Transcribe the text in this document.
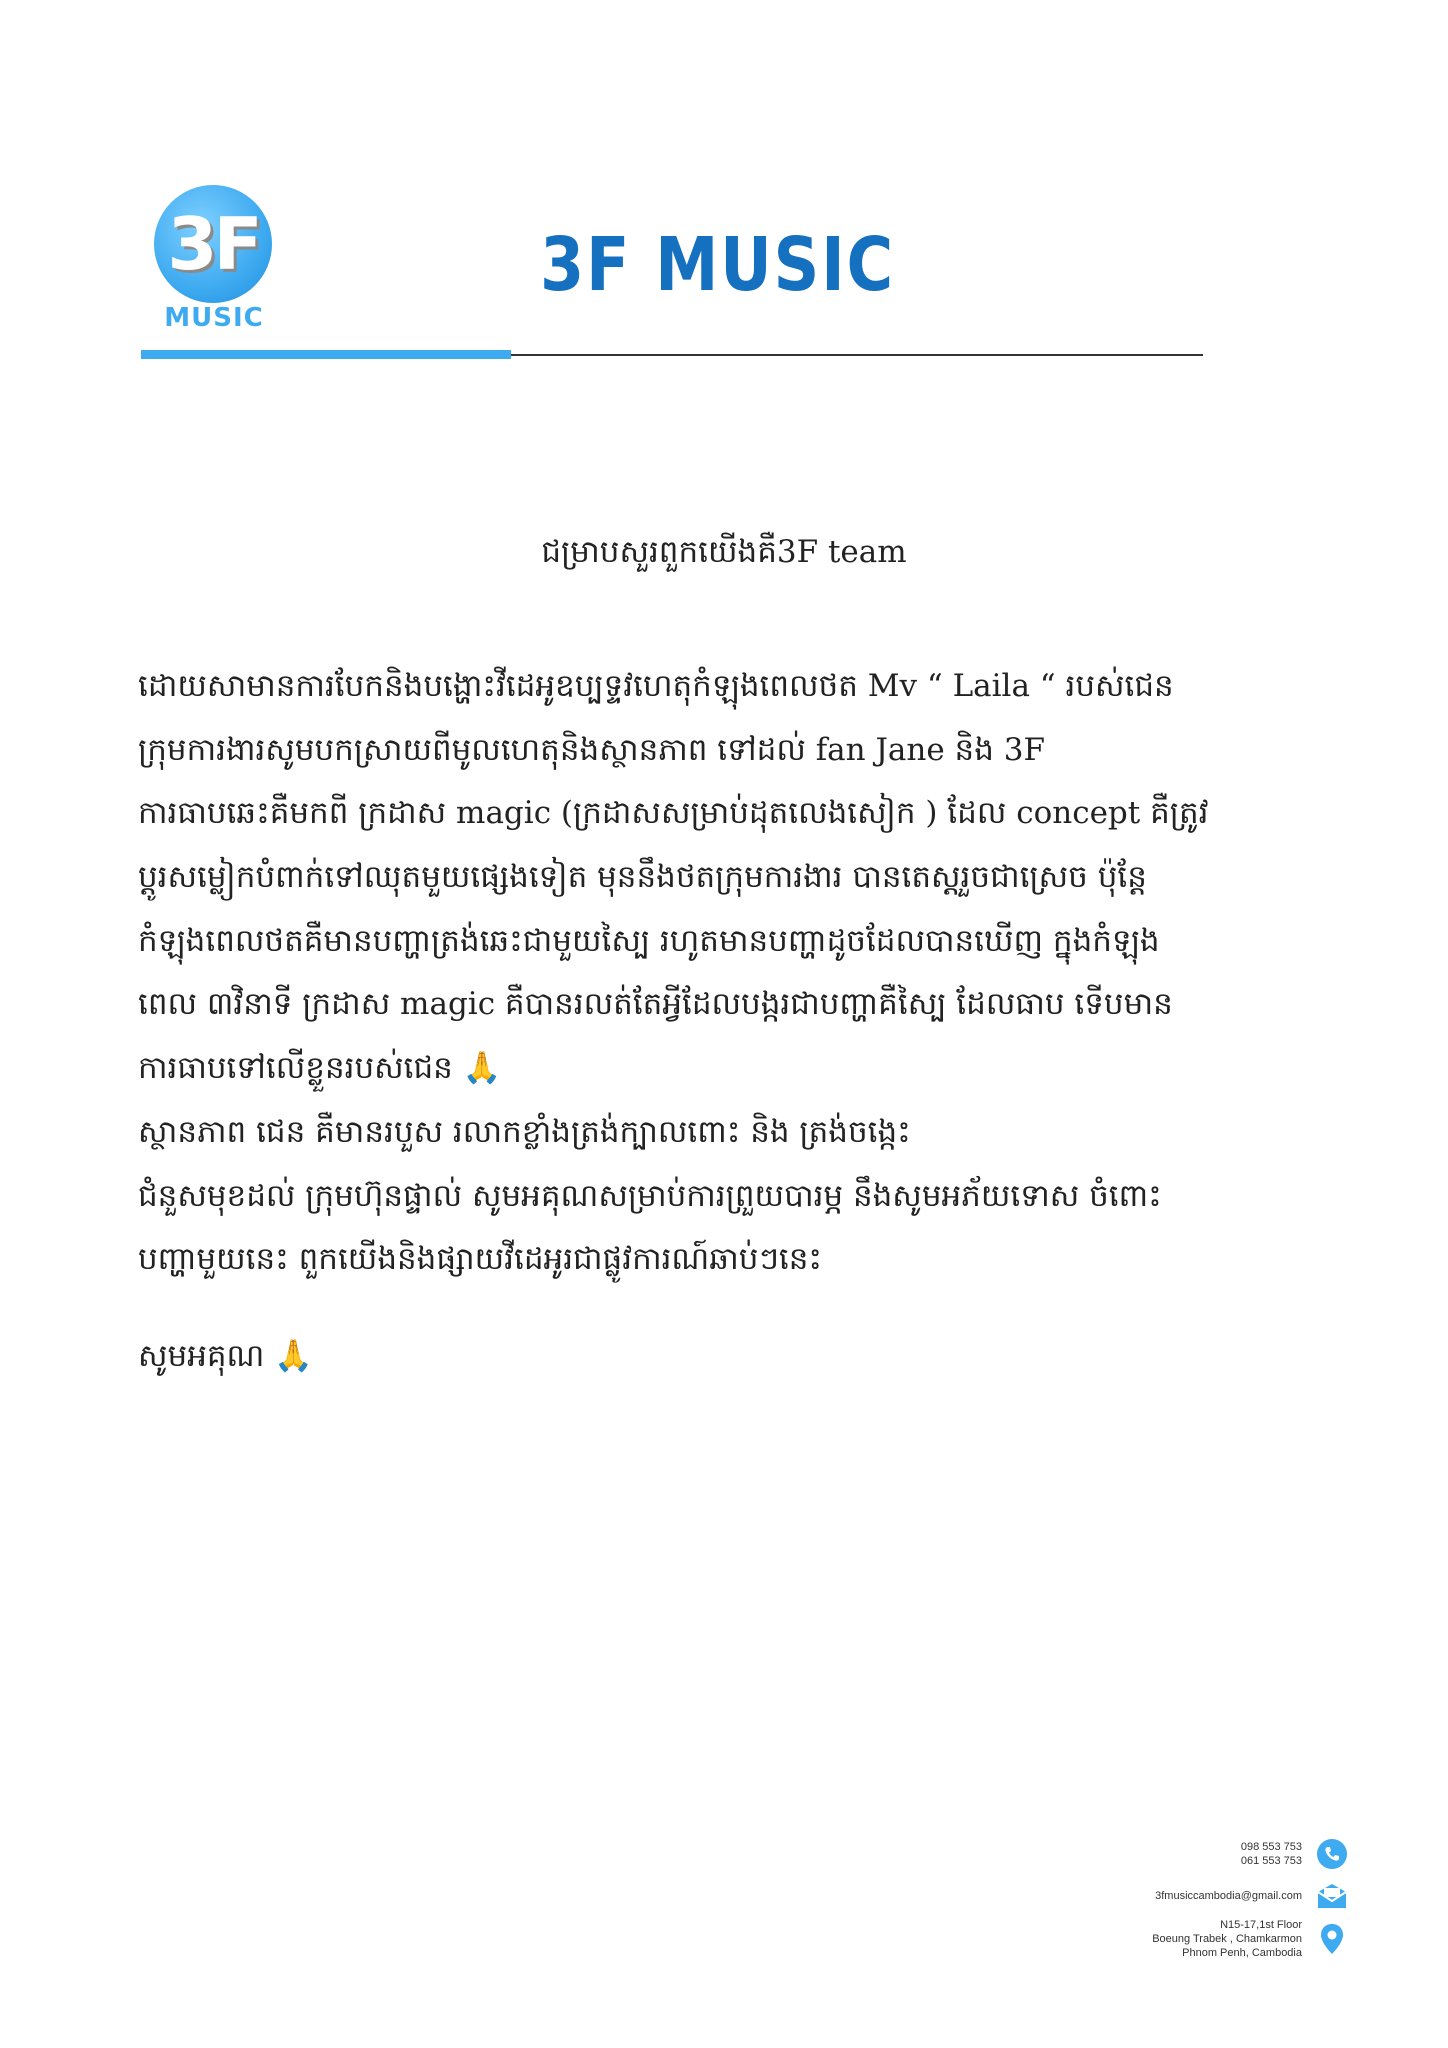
3F
MUSIC
3F MUSIC
ជម្រាបសួរពួកយើងគឺ3F team
ដោយសាមានការបែកនិងបង្ហោះវីដេអូឧប្បទ្ទវហេតុកំឡុងពេលថត Mv “ Laila “ របស់ជេន
ក្រុមការងារសូមបកស្រាយពីមូលហេតុនិងស្ថានភាព ទៅដល់ fan Jane និង 3F
ការធាបឆេះគឺមកពី ក្រដាស magic (ក្រដាសសម្រាប់ដុតលេងសៀក ) ដែល concept គឺត្រូវ
ប្តូរសម្លៀកបំពាក់ទៅឈុតមួយផ្សេងទៀត មុននឹងថតក្រុមការងារ បានតេស្តរួចជាស្រេច ប៉ុន្តែ
កំឡុងពេលថតគឺមានបញ្ហាត្រង់ឆេះជាមួយស្បៃ រហូតមានបញ្ហាដូចដែលបានឃើញ ក្នុងកំឡុង
ពេល ៣វិនាទី ក្រដាស magic គឺបានរលត់តែអ្វីដែលបង្ករជាបញ្ហាគឺស្បៃ ដែលធាប ទើបមាន
ការធាបទៅលើខ្លួនរបស់ជេន 🙏
ស្ថានភាព ជេន គឺមានរបួស រលាកខ្លាំងត្រង់ក្បាលពោះ និង ត្រង់ចង្កេះ
ជំនួសមុខដល់ ក្រុមហ៊ុនផ្ទាល់ សូមអគុណសម្រាប់ការព្រួយបារម្ភ នឹងសូមអភ័យទោស ចំពោះ
បញ្ហាមួយនេះ ពួកយើងនិងផ្សាយវីដេអូរជាផ្លូវការណ៍ឆាប់ៗនេះ
សូមអគុណ 🙏
098 553 753
061 553 753
3fmusiccambodia@gmail.com
N15-17,1st Floor
Boeung Trabek , Chamkarmon
Phnom Penh, Cambodia
